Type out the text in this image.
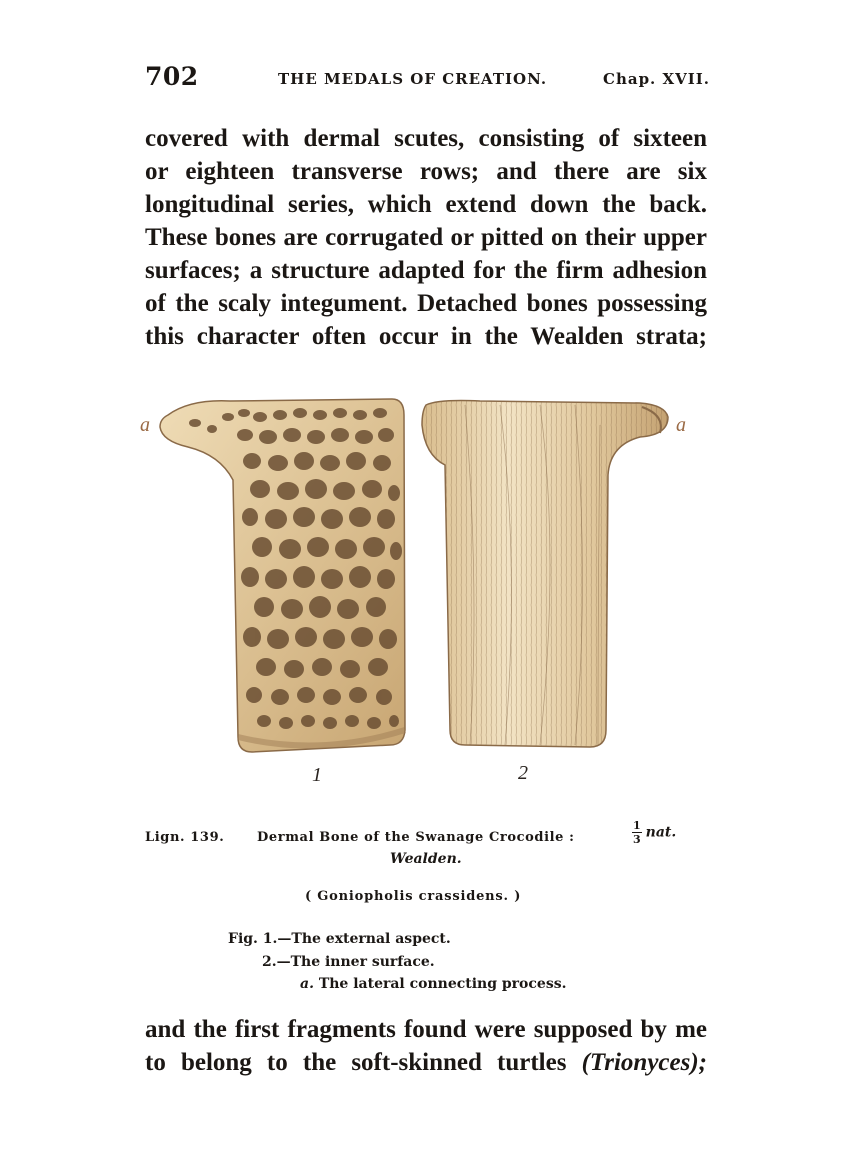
702	THE MEDALS OF CREATION.	Chap. XVII.
covered with dermal scutes, consisting of sixteen
or eighteen transverse rows; and there are six
longitudinal series, which extend down the back.
These bones are corrugated or pitted on their upper
surfaces; a structure adapted for the firm adhesion
of the scaly integument. Detached bones possessing
this character often occur in the Wealden strata;
a	a
1	2
Lign. 139.	Dermal Bone of the Swanage Crocodile :	$\frac{1}{3}$ nat.
Wealden.
( Goniopholis crassidens. )
Fig. 1.—The external aspect.
2.—The inner surface.
a. The lateral connecting process.
and the first fragments found were supposed by me
to belong to the soft-skinned turtles (Trionyces);
